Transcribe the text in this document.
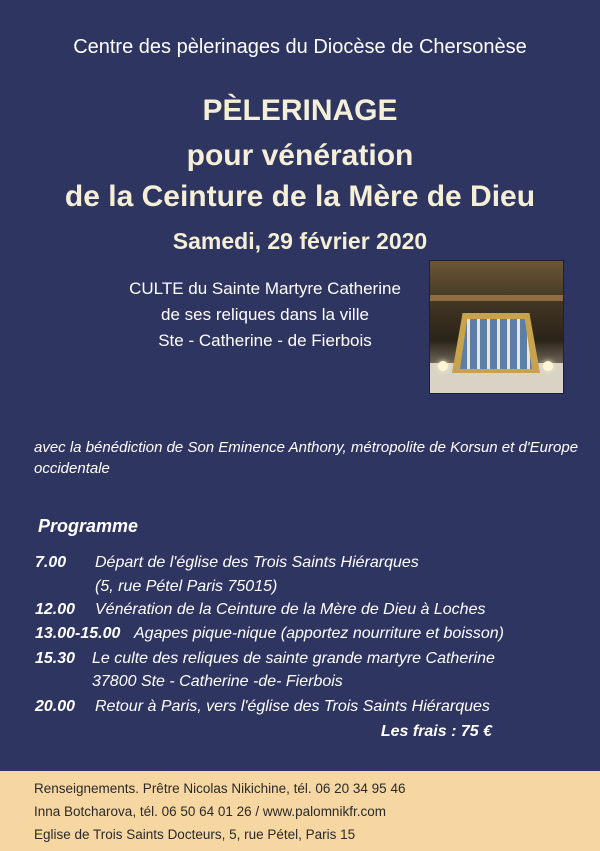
Centre des pèlerinages du Diocèse de Chersonèse
PÈLERINAGE
pour vénération
de la Ceinture de la Mère de Dieu
Samedi, 29 février 2020
CULTE du Sainte Martyre Catherine
de ses reliques dans la ville
Ste - Catherine - de Fierbois
avec la bénédiction de Son Eminence Anthony, métropolite de Korsun et d'Europe occidentale
Programme
7.00 Départ de l'église des Trois Saints Hiérarques
(5, rue Pétel Paris 75015)
12.00 Vénération de la Ceinture de la Mère de Dieu à Loches
13.00-15.00 Agapes pique-nique (apportez nourriture et boisson)
15.30 Le culte des reliques de sainte grande martyre Catherine
37800 Ste - Catherine -de- Fierbois
20.00 Retour à Paris, vers l'église des Trois Saints Hiérarques
Les frais : 75 €
Renseignements. Prêtre Nicolas Nikichine, tél. 06 20 34 95 46
Inna Botcharova, tél. 06 50 64 01 26 / www.palomnikfr.com
Eglise de Trois Saints Docteurs, 5, rue Pétel, Paris 15
